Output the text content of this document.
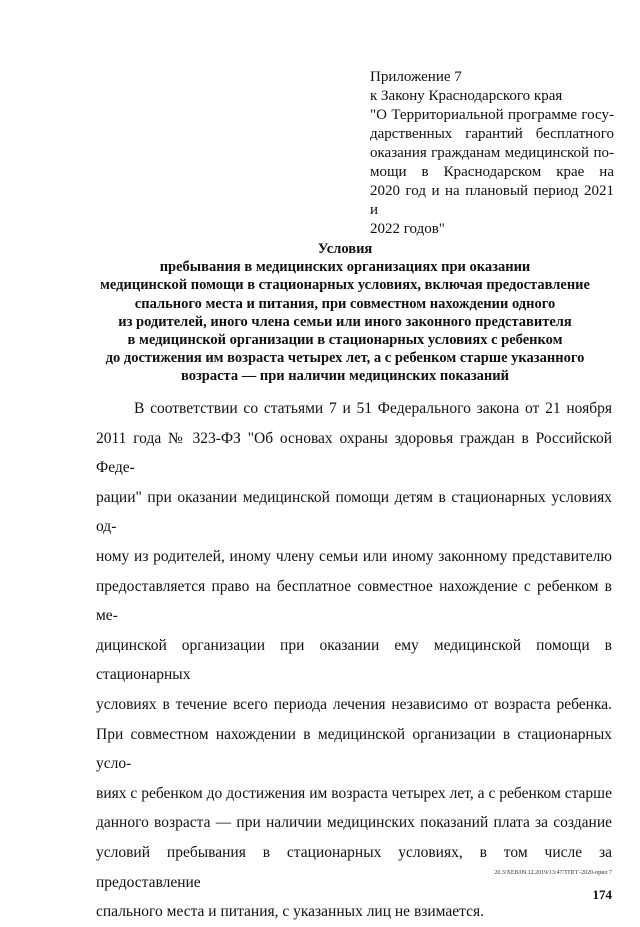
Приложение 7
к Закону Краснодарского края
"О Территориальной программе госу-
дарственных гарантий бесплатного
оказания гражданам медицинской по-
мощи в Краснодарском крае на
2020 год и на плановый период 2021 и
2022 годов"
Условия
пребывания в медицинских организациях при оказании
медицинской помощи в стационарных условиях, включая предоставление
спального места и питания, при совместном нахождении одного
из родителей, иного члена семьи или иного законного представителя
в медицинской организации в стационарных условиях с ребенком
до достижения им возраста четырех лет, а с ребенком старше указанного
возраста — при наличии медицинских показаний
В соответствии со статьями 7 и 51 Федерального закона от 21 ноября
2011 года № 323-ФЗ "Об основах охраны здоровья граждан в Российской Феде-
рации" при оказании медицинской помощи детям в стационарных условиях од-
ному из родителей, иному члену семьи или иному законному представителю
предоставляется право на бесплатное совместное нахождение с ребенком в ме-
дицинской организации при оказании ему медицинской помощи в стационарных
условиях в течение всего периода лечения независимо от возраста ребенка.
При совместном нахождении в медицинской организации в стационарных усло-
виях с ребенком до достижения им возраста четырех лет, а с ребенком старше
данного возраста — при наличии медицинских показаний плата за создание
условий пребывания в стационарных условиях, в том числе за предоставление
спального места и питания, с указанных лиц не взимается.
20.3/ХЕВ/09.12.2019/13:47/ТПГГ-2020-прил 7
174
